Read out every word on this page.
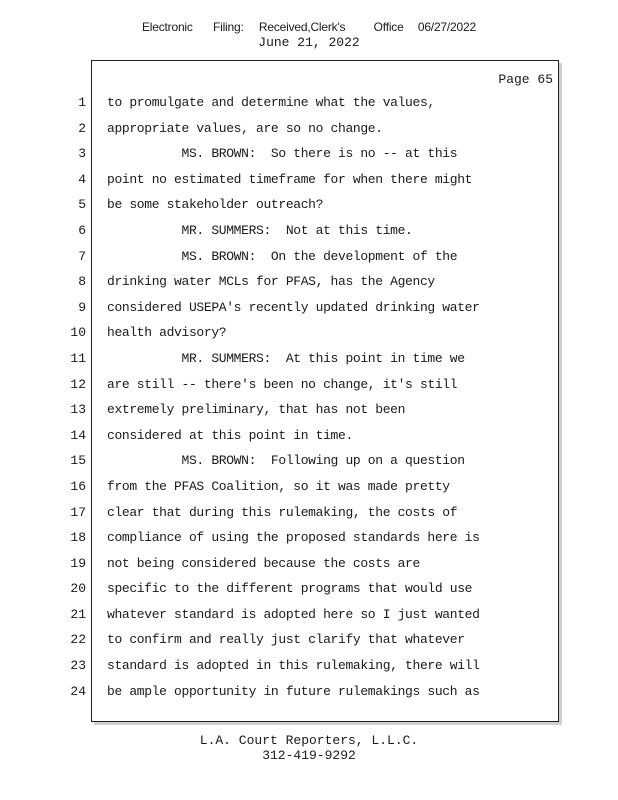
Electronic Filing: Received,Clerk's Office 06/27/2022
June 21, 2022
Page 65
1
2
3
4
5
6
7
8
9
10
11
12
13
14
15
16
17
18
19
20
21
22
23
24
to promulgate and determine what the values,
appropriate values, are so no change.
MS. BROWN:  So there is no -- at this
point no estimated timeframe for when there might
be some stakeholder outreach?
MR. SUMMERS:  Not at this time.
MS. BROWN:  On the development of the
drinking water MCLs for PFAS, has the Agency
considered USEPA's recently updated drinking water
health advisory?
MR. SUMMERS:  At this point in time we
are still -- there's been no change, it's still
extremely preliminary, that has not been
considered at this point in time.
MS. BROWN:  Following up on a question
from the PFAS Coalition, so it was made pretty
clear that during this rulemaking, the costs of
compliance of using the proposed standards here is
not being considered because the costs are
specific to the different programs that would use
whatever standard is adopted here so I just wanted
to confirm and really just clarify that whatever
standard is adopted in this rulemaking, there will
be ample opportunity in future rulemakings such as
L.A. Court Reporters, L.L.C.
312-419-9292
